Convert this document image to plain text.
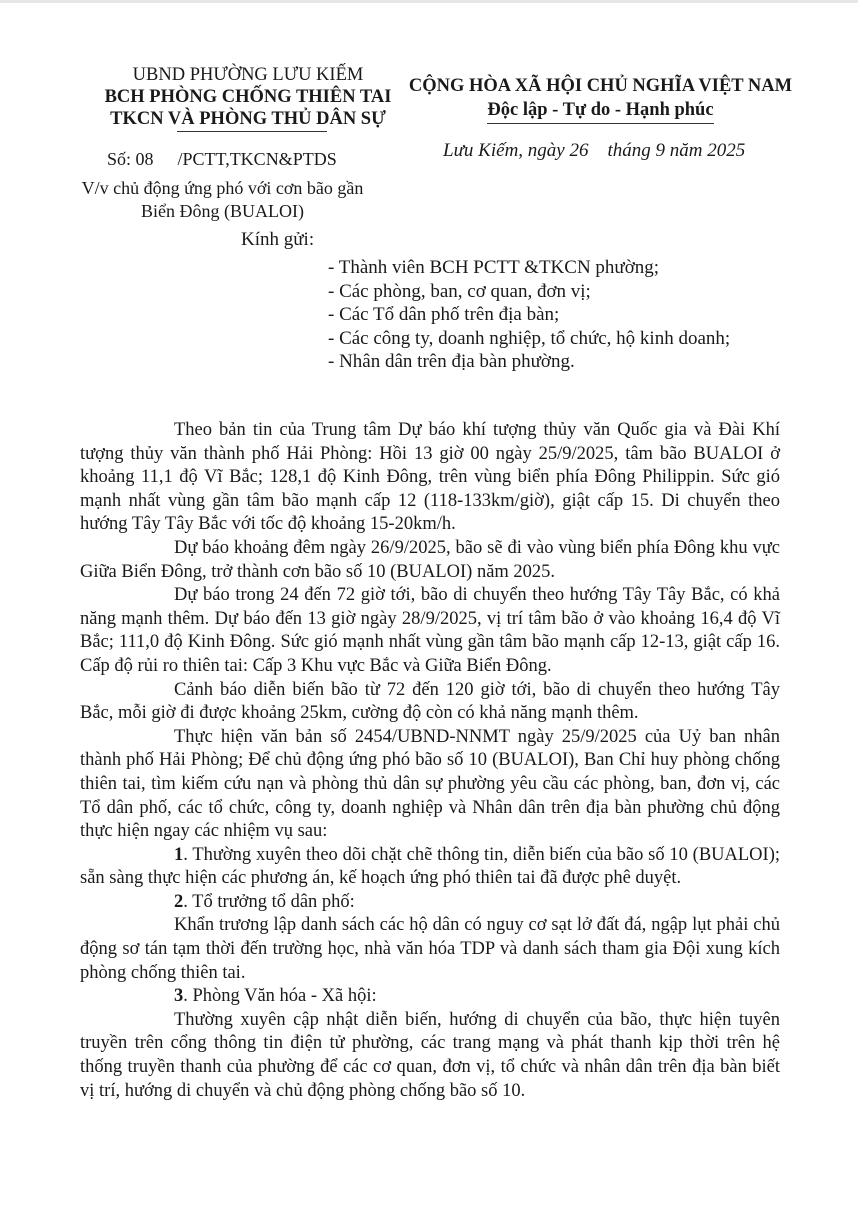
UBND PHƯỜNG LƯU KIẾM
BCH PHÒNG CHỐNG THIÊN TAI
TKCN VÀ PHÒNG THỦ DÂN SỰ
CỘNG HÒA XÃ HỘI CHỦ NGHĨA VIỆT NAM
Độc lập - Tự do - Hạnh phúc
Số: 08 /PCTT,TKCN&PTDS	Lưu Kiếm, ngày 26    tháng 9 năm 2025
V/v chủ động ứng phó với cơn bão gần
Biển Đông (BUALOI)
Kính gửi:
- Thành viên BCH PCTT &TKCN phường;
- Các phòng, ban, cơ quan, đơn vị;
- Các Tổ dân phố trên địa bàn;
- Các công ty, doanh nghiệp, tổ chức, hộ kinh doanh;
- Nhân dân trên địa bàn phường.

Theo bản tin của Trung tâm Dự báo khí tượng thủy văn Quốc gia và Đài Khí tượng thủy văn thành phố Hải Phòng: Hồi 13 giờ 00 ngày 25/9/2025, tâm bão BUALOI ở khoảng 11,1 độ Vĩ Bắc; 128,1 độ Kinh Đông, trên vùng biển phía Đông Philippin. Sức gió mạnh nhất vùng gần tâm bão mạnh cấp 12 (118-133km/giờ), giật cấp 15. Di chuyển theo hướng Tây Tây Bắc với tốc độ khoảng 15-20km/h.

Dự báo khoảng đêm ngày 26/9/2025, bão sẽ đi vào vùng biển phía Đông khu vực Giữa Biển Đông, trở thành cơn bão số 10 (BUALOI) năm 2025.

Dự báo trong 24 đến 72 giờ tới, bão di chuyển theo hướng Tây Tây Bắc, có khả năng mạnh thêm. Dự báo đến 13 giờ ngày 28/9/2025, vị trí tâm bão ở vào khoảng 16,4 độ Vĩ Bắc; 111,0 độ Kinh Đông. Sức gió mạnh nhất vùng gần tâm bão mạnh cấp 12-13, giật cấp 16. Cấp độ rủi ro thiên tai: Cấp 3 Khu vực Bắc và Giữa Biển Đông.

Cảnh báo diễn biến bão từ 72 đến 120 giờ tới, bão di chuyển theo hướng Tây Bắc, mỗi giờ đi được khoảng 25km, cường độ còn có khả năng mạnh thêm.

Thực hiện văn bản số 2454/UBND-NNMT ngày 25/9/2025 của Uỷ ban nhân thành phố Hải Phòng; Để chủ động ứng phó bão số 10 (BUALOI), Ban Chỉ huy phòng chống thiên tai, tìm kiếm cứu nạn và phòng thủ dân sự phường yêu cầu các phòng, ban, đơn vị, các Tổ dân phố, các tổ chức, công ty, doanh nghiệp và Nhân dân trên địa bàn phường chủ động thực hiện ngay các nhiệm vụ sau:

1. Thường xuyên theo dõi chặt chẽ thông tin, diễn biến của bão số 10 (BUALOI); sẵn sàng thực hiện các phương án, kế hoạch ứng phó thiên tai đã được phê duyệt.

2. Tổ trưởng tổ dân phố:

Khẩn trương lập danh sách các hộ dân có nguy cơ sạt lở đất đá, ngập lụt phải chủ động sơ tán tạm thời đến trường học, nhà văn hóa TDP và danh sách tham gia Đội xung kích phòng chống thiên tai.

3. Phòng Văn hóa - Xã hội:

Thường xuyên cập nhật diễn biến, hướng di chuyển của bão, thực hiện tuyên truyền trên cổng thông tin điện tử phường, các trang mạng và phát thanh kịp thời trên hệ thống truyền thanh của phường để các cơ quan, đơn vị, tổ chức và nhân dân trên địa bàn biết vị trí, hướng di chuyển và chủ động phòng chống bão số 10.
